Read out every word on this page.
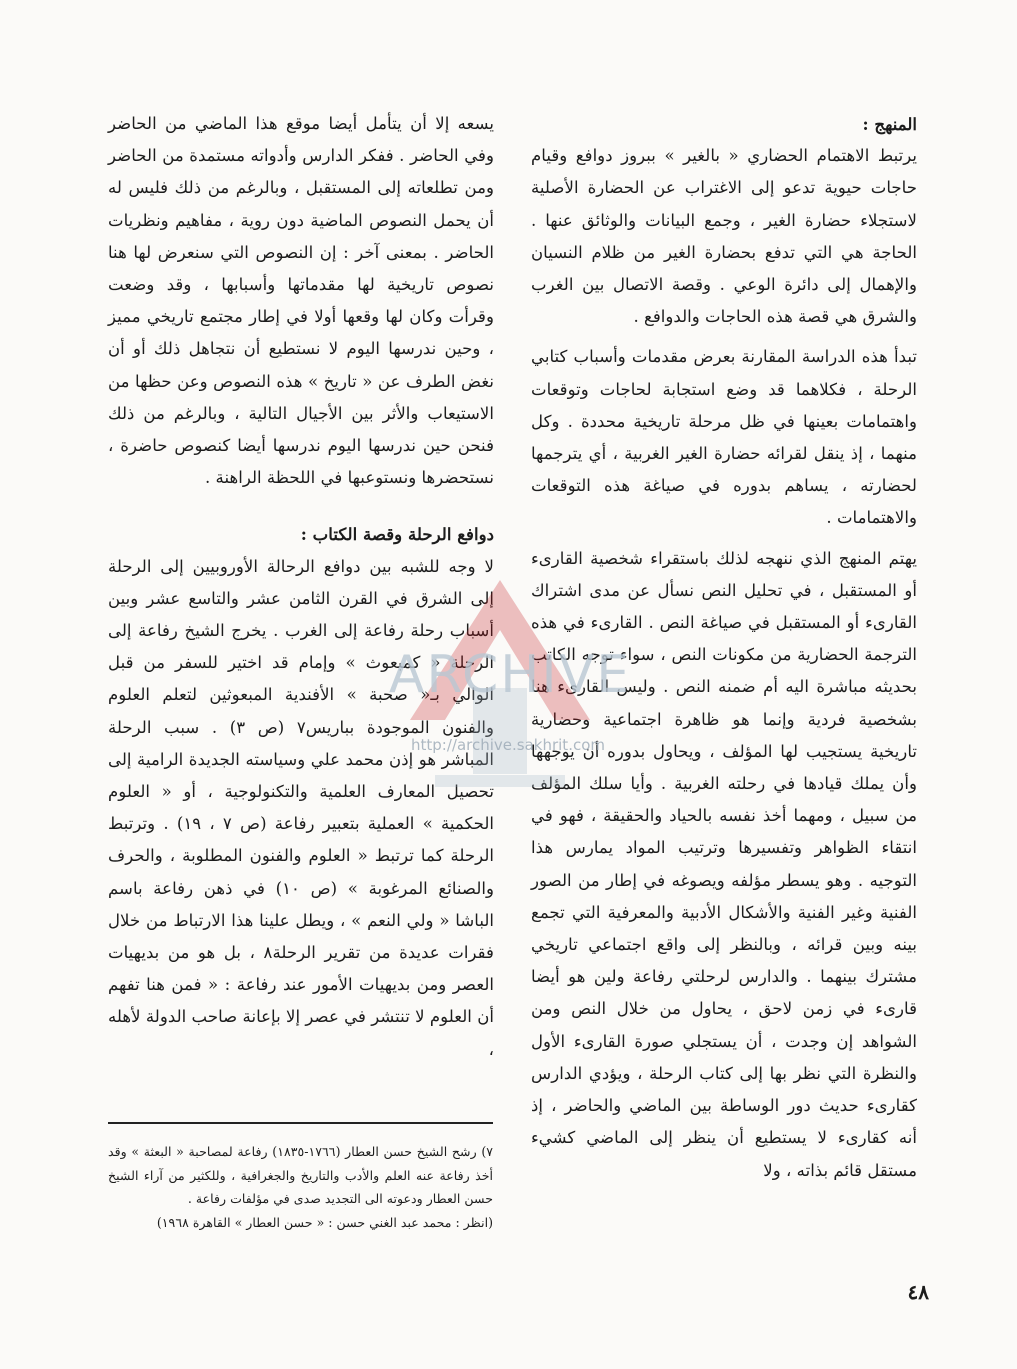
المنهج :

يرتبط الاهتمام الحضاري « بالغير » ببروز دوافع وقيام حاجات حيوية تدعو إلى الاغتراب عن الحضارة الأصلية لاستجلاء حضارة الغير ، وجمع البيانات والوثائق عنها . الحاجة هي التي تدفع بحضارة الغير من ظلام النسيان والإهمال إلى دائرة الوعي . وقصة الاتصال بين الغرب والشرق هي قصة هذه الحاجات والدوافع .

تبدأ هذه الدراسة المقارنة بعرض مقدمات وأسباب كتابي الرحلة ، فكلاهما قد وضع استجابة لحاجات وتوقعات واهتمامات بعينها في ظل مرحلة تاريخية محددة . وكل منهما ، إذ ينقل لقرائه حضارة الغير الغربية ، أي يترجمها لحضارته ، يساهم بدوره في صياغة هذه التوقعات والاهتمامات .

يهتم المنهج الذي ننهجه لذلك باستقراء شخصية القارىء أو المستقبل ، في تحليل النص نسأل عن مدى اشتراك القارىء أو المستقبل في صياغة النص . القارىء في هذه الترجمة الحضارية من مكونات النص ، سواء توجه الكاتب بحديثه مباشرة اليه أم ضمنه النص . وليس القارىء هنا بشخصية فردية وإنما هو ظاهرة اجتماعية وحضارية تاريخية يستجيب لها المؤلف ، ويحاول بدوره أن يوجهها وأن يملك قيادها في رحلته الغربية . وأيا سلك المؤلف من سبيل ، ومهما أخذ نفسه بالحياد والحقيقة ، فهو في انتقاء الظواهر وتفسيرها وترتيب المواد يمارس هذا التوجيه . وهو يسطر مؤلفه ويصوغه في إطار من الصور الفنية وغير الفنية والأشكال الأدبية والمعرفية التي تجمع بينه وبين قرائه ، وبالنظر إلى واقع اجتماعي تاريخي مشترك بينهما . والدارس لرحلتي رفاعة ولين هو أيضا قارىء في زمن لاحق ، يحاول من خلال النص ومن الشواهد إن وجدت ، أن يستجلي صورة القارىء الأول والنظرة التي نظر بها إلى كتاب الرحلة ، ويؤدي الدارس كقارىء حديث دور الوساطة بين الماضي والحاضر ، إذ أنه كقارىء لا يستطيع أن ينظر إلى الماضي كشيء مستقل قائم بذاته ، ولا

يسعه إلا أن يتأمل أيضا موقع هذا الماضي من الحاضر وفي الحاضر . ففكر الدارس وأدواته مستمدة من الحاضر ومن تطلعاته إلى المستقبل ، وبالرغم من ذلك فليس له أن يحمل النصوص الماضية دون روية ، مفاهيم ونظريات الحاضر . بمعنى آخر : إن النصوص التي سنعرض لها هنا نصوص تاريخية لها مقدماتها وأسبابها ، وقد وضعت وقرأت وكان لها وقعها أولا في إطار مجتمع تاريخي مميز ، وحين ندرسها اليوم لا نستطيع أن نتجاهل ذلك أو أن نغض الطرف عن « تاريخ » هذه النصوص وعن حظها من الاستيعاب والأثر بين الأجيال التالية ، وبالرغم من ذلك فنحن حين ندرسها اليوم ندرسها أيضا كنصوص حاضرة ، نستحضرها ونستوعبها في اللحظة الراهنة .

دوافع الرحلة وقصة الكتاب :

لا وجه للشبه بين دوافع الرحالة الأوروبيين إلى الرحلة إلى الشرق في القرن الثامن عشر والتاسع عشر وبين أسباب رحلة رفاعة إلى الغرب . يخرج الشيخ رفاعة إلى الرحلة « كمبعوث » وإمام قد اختير للسفر من قبل الوالي بـ« صحبة » الأفندية المبعوثين لتعلم العلوم والفنون الموجودة بباريس٧ (ص ٣) . سبب الرحلة المباشر هو إذن محمد علي وسياسته الجديدة الرامية إلى تحصيل المعارف العلمية والتكنولوجية ، أو « العلوم الحكمية » العملية بتعبير رفاعة (ص ٧ ، ١٩) . وترتبط الرحلة كما ترتبط « العلوم والفنون المطلوبة ، والحرف والصنائع المرغوبة » (ص ١٠) في ذهن رفاعة باسم الباشا « ولي النعم » ، ويطل علينا هذا الارتباط من خلال فقرات عديدة من تقرير الرحلة٨ ، بل هو من بديهيات العصر ومن بديهيات الأمور عند رفاعة : « فمن هنا تفهم أن العلوم لا تنتشر في عصر إلا بإعانة صاحب الدولة لأهله ،

٧) رشح الشيخ حسن العطار (١٧٦٦-١٨٣٥) رفاعة لمصاحبة « البعثة » وقد أخذ رفاعة عنه العلم والأدب والتاريخ والجغرافية ، وللكثير من آراء الشيخ حسن العطار ودعوته الى التجديد صدى في مؤلفات رفاعة .

(انظر : محمد عبد الغني حسن : « حسن العطار » القاهرة ١٩٦٨)

٤٨
ARCHIVE
http://archive.sakhrit.com
